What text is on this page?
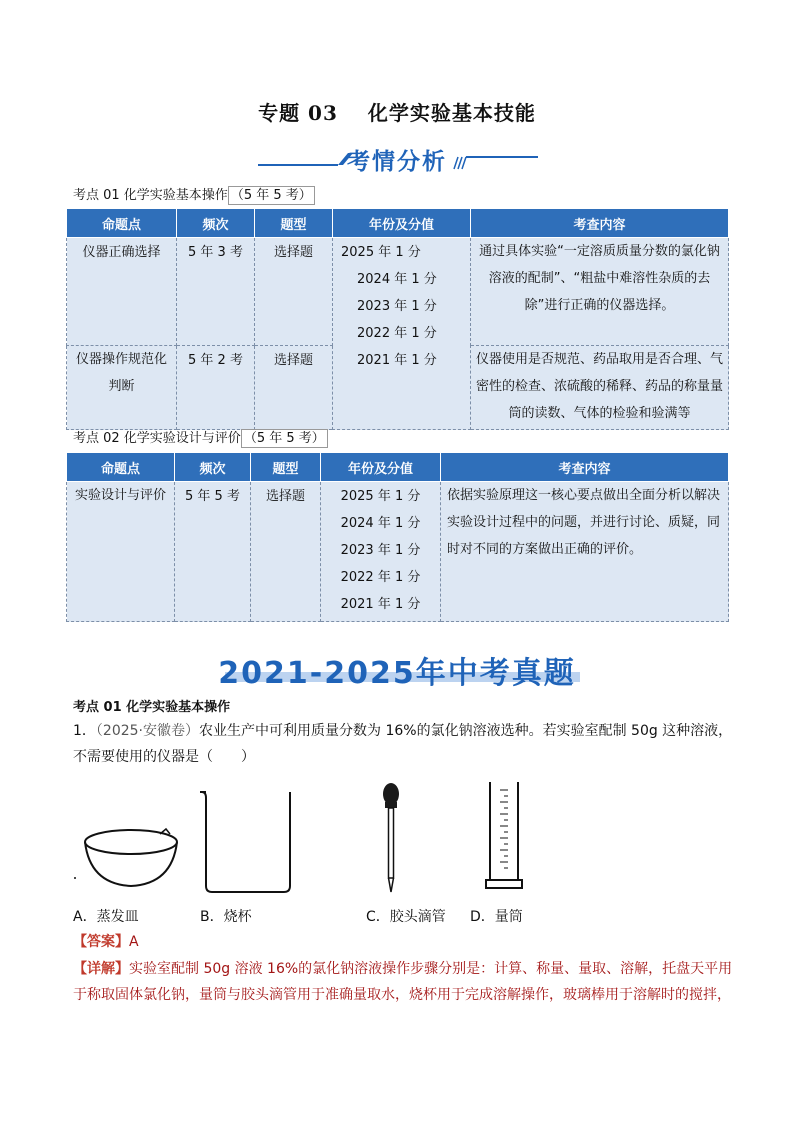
专题 03 化学实验基本技能
考情分析
考点 01 化学实验基本操作 （5 年 5 考）
命题点	频次	题型	年份及分值	考查内容
仪器正确选择	5 年 3 考	选择题	2025 年 1 分
2024 年 1 分
2023 年 1 分
2022 年 1 分
2021 年 1 分	通过具体实验“一定溶质质量分数的氯化钠溶液的配制”、“粗盐中难溶性杂质的去除”进行正确的仪器选择。
仪器操作规范化判断	5 年 2 考	选择题		仪器使用是否规范、药品取用是否合理、气密性的检查、浓硫酸的稀释、药品的称量量筒的读数、气体的检验和验满等
考点 02 化学实验设计与评价 （5 年 5 考）
命题点	频次	题型	年份及分值	考查内容
实验设计与评价	5 年 5 考	选择题	2025 年 1 分
2024 年 1 分
2023 年 1 分
2022 年 1 分
2021 年 1 分	依据实验原理这一核心要点做出全面分析以解决实验设计过程中的问题，并进行讨论、质疑，同时对不同的方案做出正确的评价。
2021-2025年中考真题
考点 01 化学实验基本操作
1．（2025·安徽卷）农业生产中可利用质量分数为 16%的氯化钠溶液选种。若实验室配制 50g 这种溶液，不需要使用的仪器是（　　）
A．蒸发皿	B．烧杯	C．胶头滴管 D．量筒
【答案】A
【详解】实验室配制 50g 溶液 16%的氯化钠溶液操作步骤分别是：计算、称量、量取、溶解，托盘天平用于称取固体氯化钠，量筒与胶头滴管用于准确量取水，烧杯用于完成溶解操作，玻璃棒用于溶解时的搅拌，
